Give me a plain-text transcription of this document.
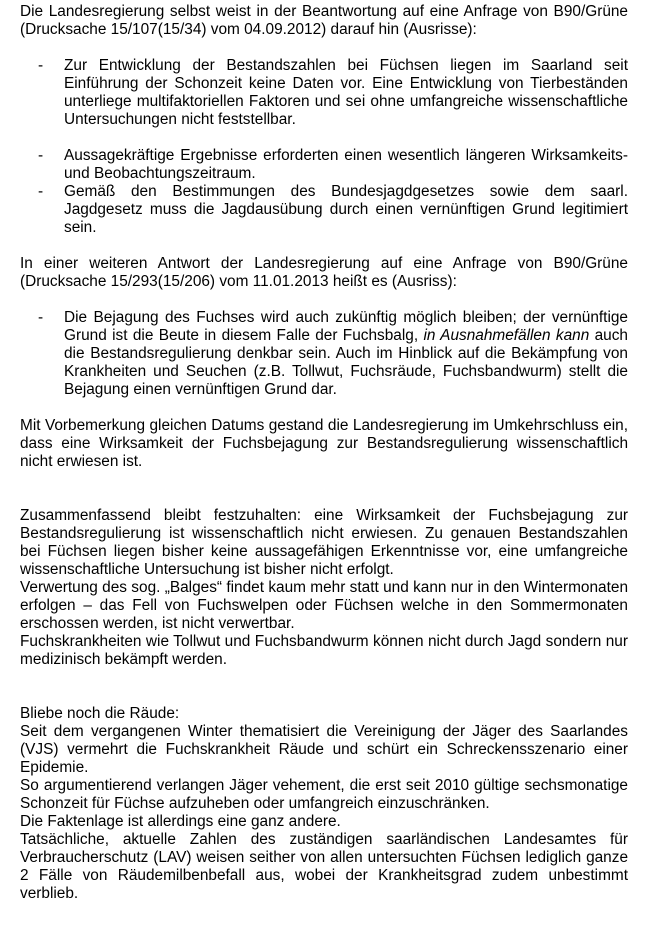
Die Landesregierung selbst weist in der Beantwortung auf eine Anfrage von B90/Grüne (Drucksache 15/107(15/34) vom 04.09.2012) darauf hin (Ausrisse):

- Zur Entwicklung der Bestandszahlen bei Füchsen liegen im Saarland seit Einführung der Schonzeit keine Daten vor. Eine Entwicklung von Tierbeständen unterliege multifaktoriellen Faktoren und sei ohne umfangreiche wissenschaftliche Untersuchungen nicht feststellbar.

- Aussagekräftige Ergebnisse erforderten einen wesentlich längeren Wirksamkeits- und Beobachtungszeitraum.

- Gemäß den Bestimmungen des Bundesjagdgesetzes sowie dem saarl. Jagdgesetz muss die Jagdausübung durch einen vernünftigen Grund legitimiert sein.

In einer weiteren Antwort der Landesregierung auf eine Anfrage von B90/Grüne (Drucksache 15/293(15/206) vom 11.01.2013 heißt es (Ausriss):

- Die Bejagung des Fuchses wird auch zukünftig möglich bleiben; der vernünftige Grund ist die Beute in diesem Falle der Fuchsbalg, in Ausnahmefällen kann auch die Bestandsregulierung denkbar sein. Auch im Hinblick auf die Bekämpfung von Krankheiten und Seuchen (z.B. Tollwut, Fuchsräude, Fuchsbandwurm) stellt die Bejagung einen vernünftigen Grund dar.

Mit Vorbemerkung gleichen Datums gestand die Landesregierung im Umkehrschluss ein, dass eine Wirksamkeit der Fuchsbejagung zur Bestandsregulierung wissenschaftlich nicht erwiesen ist.

Zusammenfassend bleibt festzuhalten: eine Wirksamkeit der Fuchsbejagung zur Bestandsregulierung ist wissenschaftlich nicht erwiesen. Zu genauen Bestandszahlen bei Füchsen liegen bisher keine aussagefähigen Erkenntnisse vor, eine umfangreiche wissenschaftliche Untersuchung ist bisher nicht erfolgt.

Verwertung des sog. „Balges“ findet kaum mehr statt und kann nur in den Wintermonaten erfolgen – das Fell von Fuchswelpen oder Füchsen welche in den Sommermonaten erschossen werden, ist nicht verwertbar.

Fuchskrankheiten wie Tollwut und Fuchsbandwurm können nicht durch Jagd sondern nur medizinisch bekämpft werden.

Bliebe noch die Räude:

Seit dem vergangenen Winter thematisiert die Vereinigung der Jäger des Saarlandes (VJS) vermehrt die Fuchskrankheit Räude und schürt ein Schreckensszenario einer Epidemie.

So argumentierend verlangen Jäger vehement, die erst seit 2010 gültige sechsmonatige Schonzeit für Füchse aufzuheben oder umfangreich einzuschränken.

Die Faktenlage ist allerdings eine ganz andere.

Tatsächliche, aktuelle Zahlen des zuständigen saarländischen Landesamtes für Verbraucherschutz (LAV) weisen seither von allen untersuchten Füchsen lediglich ganze 2 Fälle von Räudemilbenbefall aus, wobei der Krankheitsgrad zudem unbestimmt verblieb.
